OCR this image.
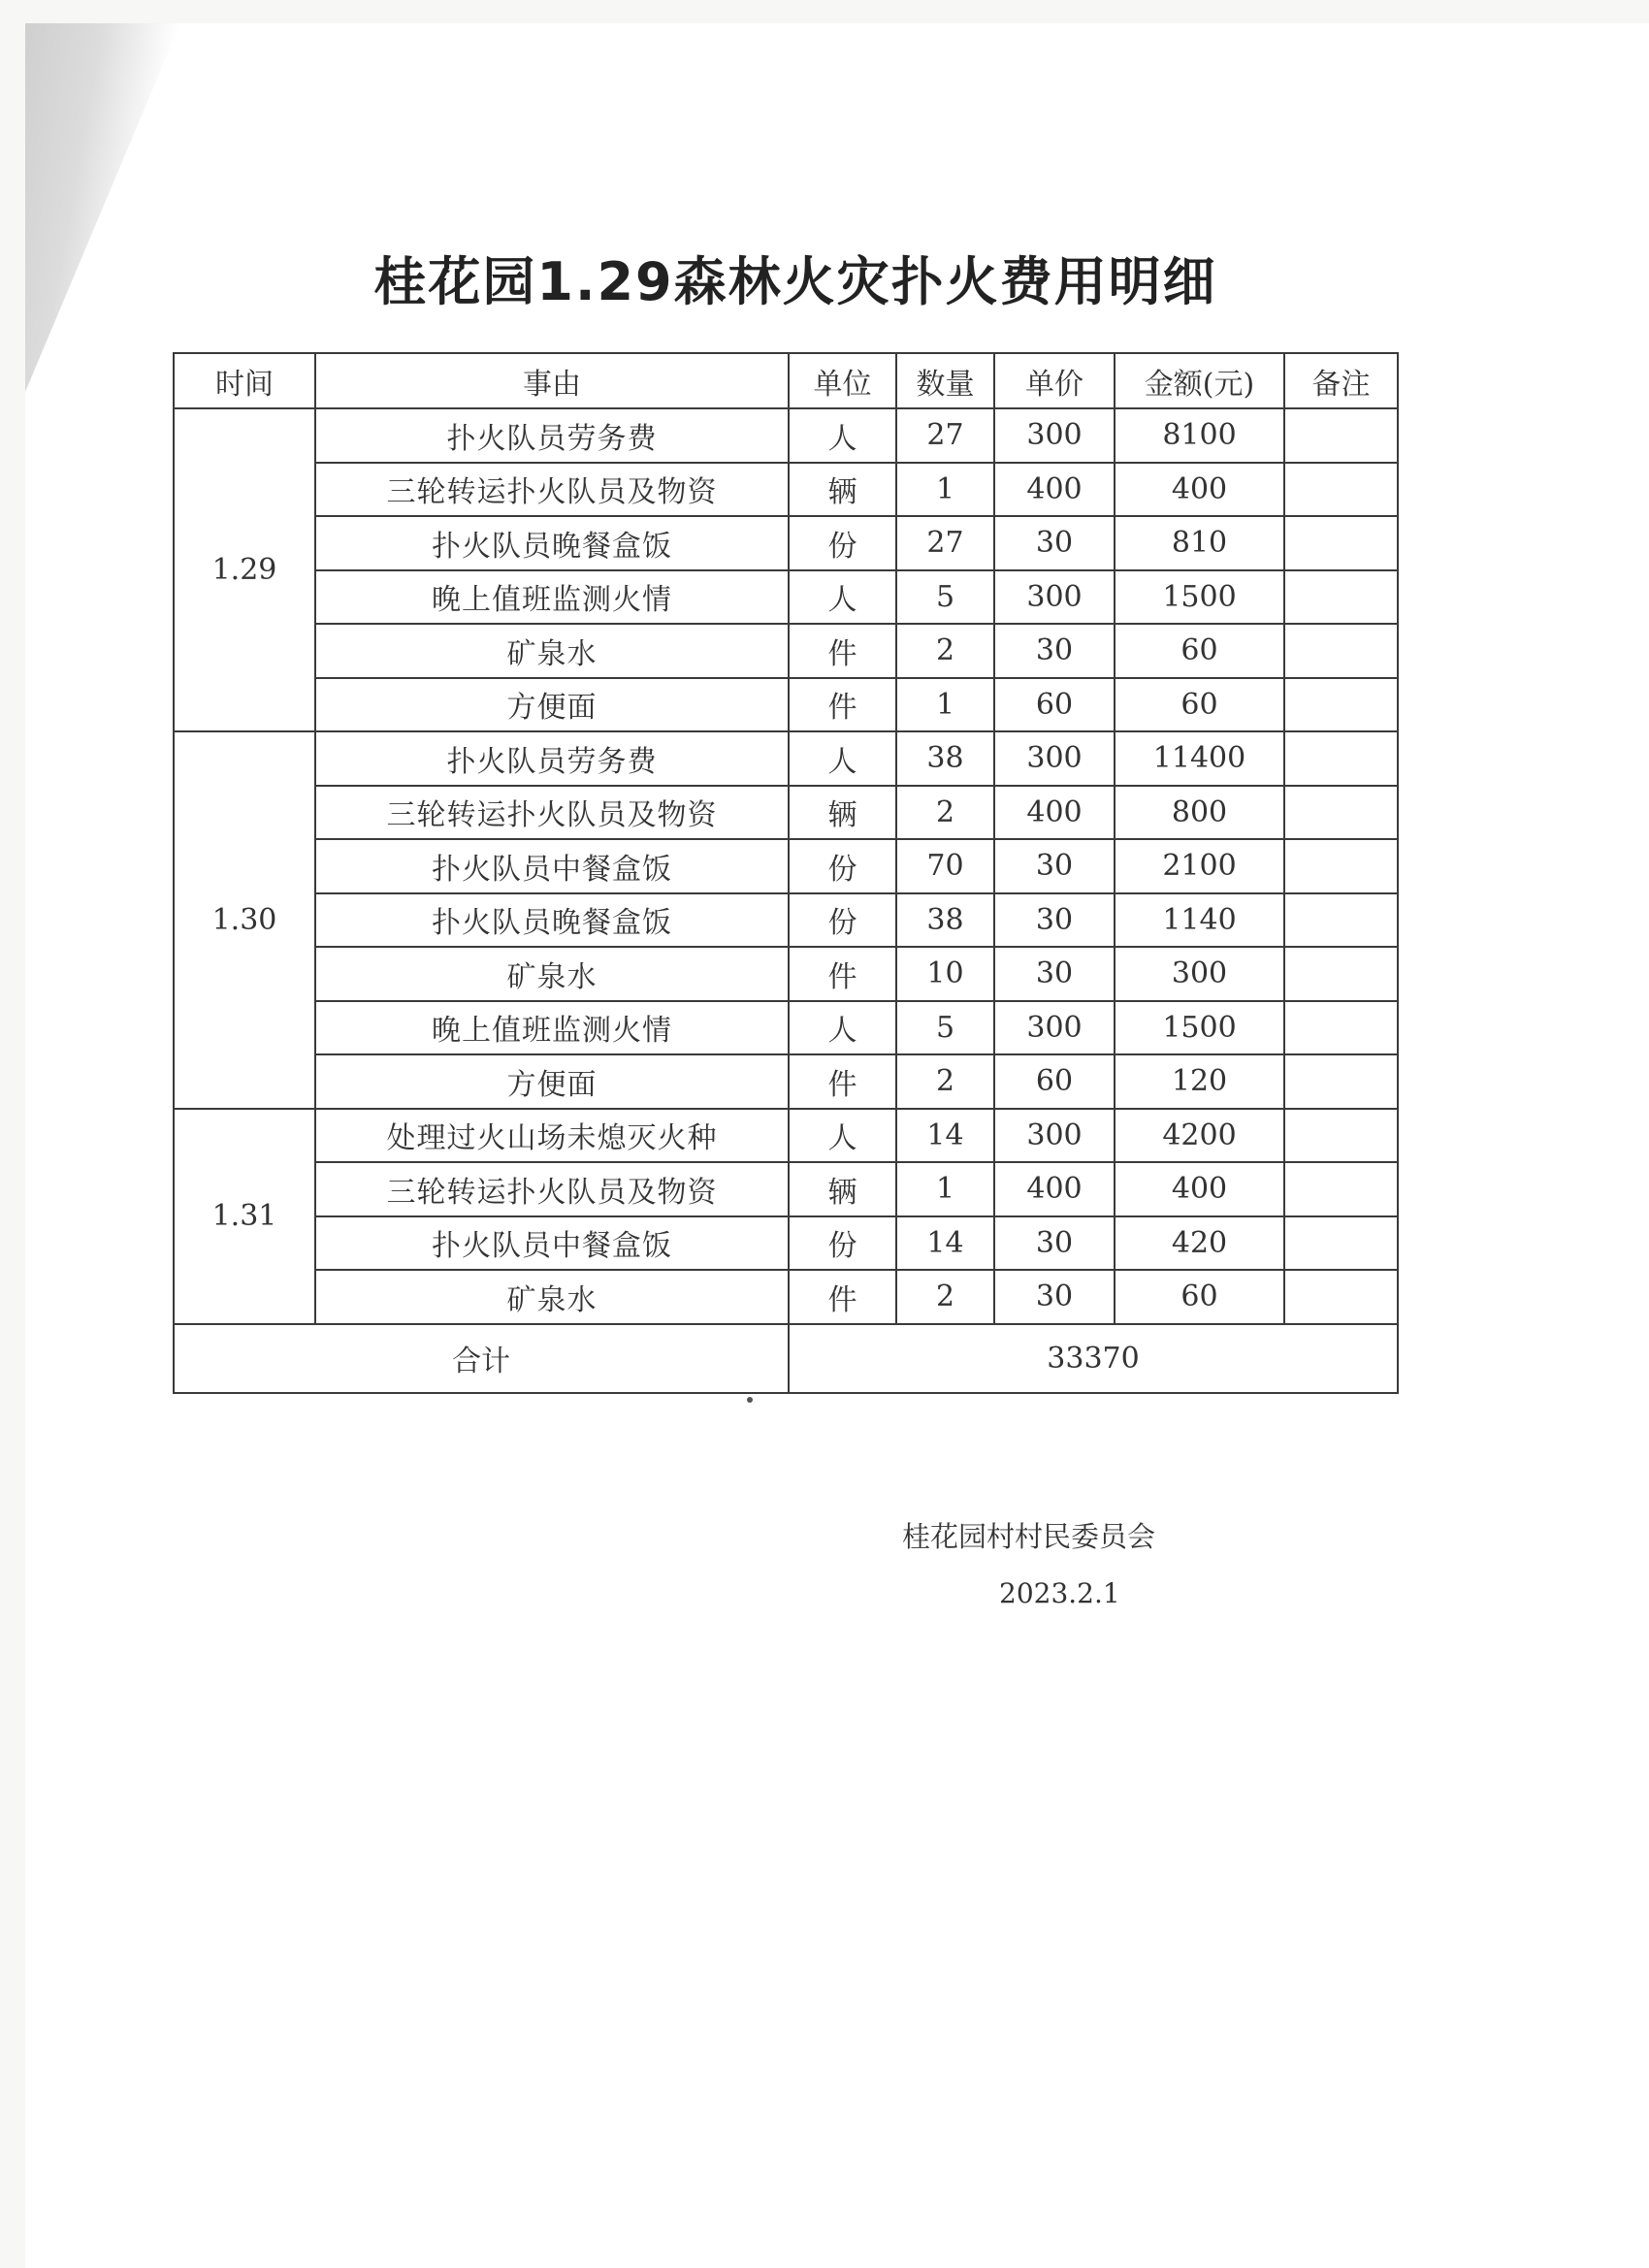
桂花园1.29森林火灾扑火费用明细
时间	事由	单位	数量	单价	金额(元)	备注
1.29	扑火队员劳务费	人	27	300	8100	
	三轮转运扑火队员及物资	辆	1	400	400	
	扑火队员晚餐盒饭	份	27	30	810	
	晚上值班监测火情	人	5	300	1500	
	矿泉水	件	2	30	60	
	方便面	件	1	60	60	
1.30	扑火队员劳务费	人	38	300	11400	
	三轮转运扑火队员及物资	辆	2	400	800	
	扑火队员中餐盒饭	份	70	30	2100	
	扑火队员晚餐盒饭	份	38	30	1140	
	矿泉水	件	10	30	300	
	晚上值班监测火情	人	5	300	1500	
	方便面	件	2	60	120	
1.31	处理过火山场未熄灭火种	人	14	300	4200	
	三轮转运扑火队员及物资	辆	1	400	400	
	扑火队员中餐盒饭	份	14	30	420	
	矿泉水	件	2	30	60	
合计		33370				
桂花园村村民委员会
2023.2.1
